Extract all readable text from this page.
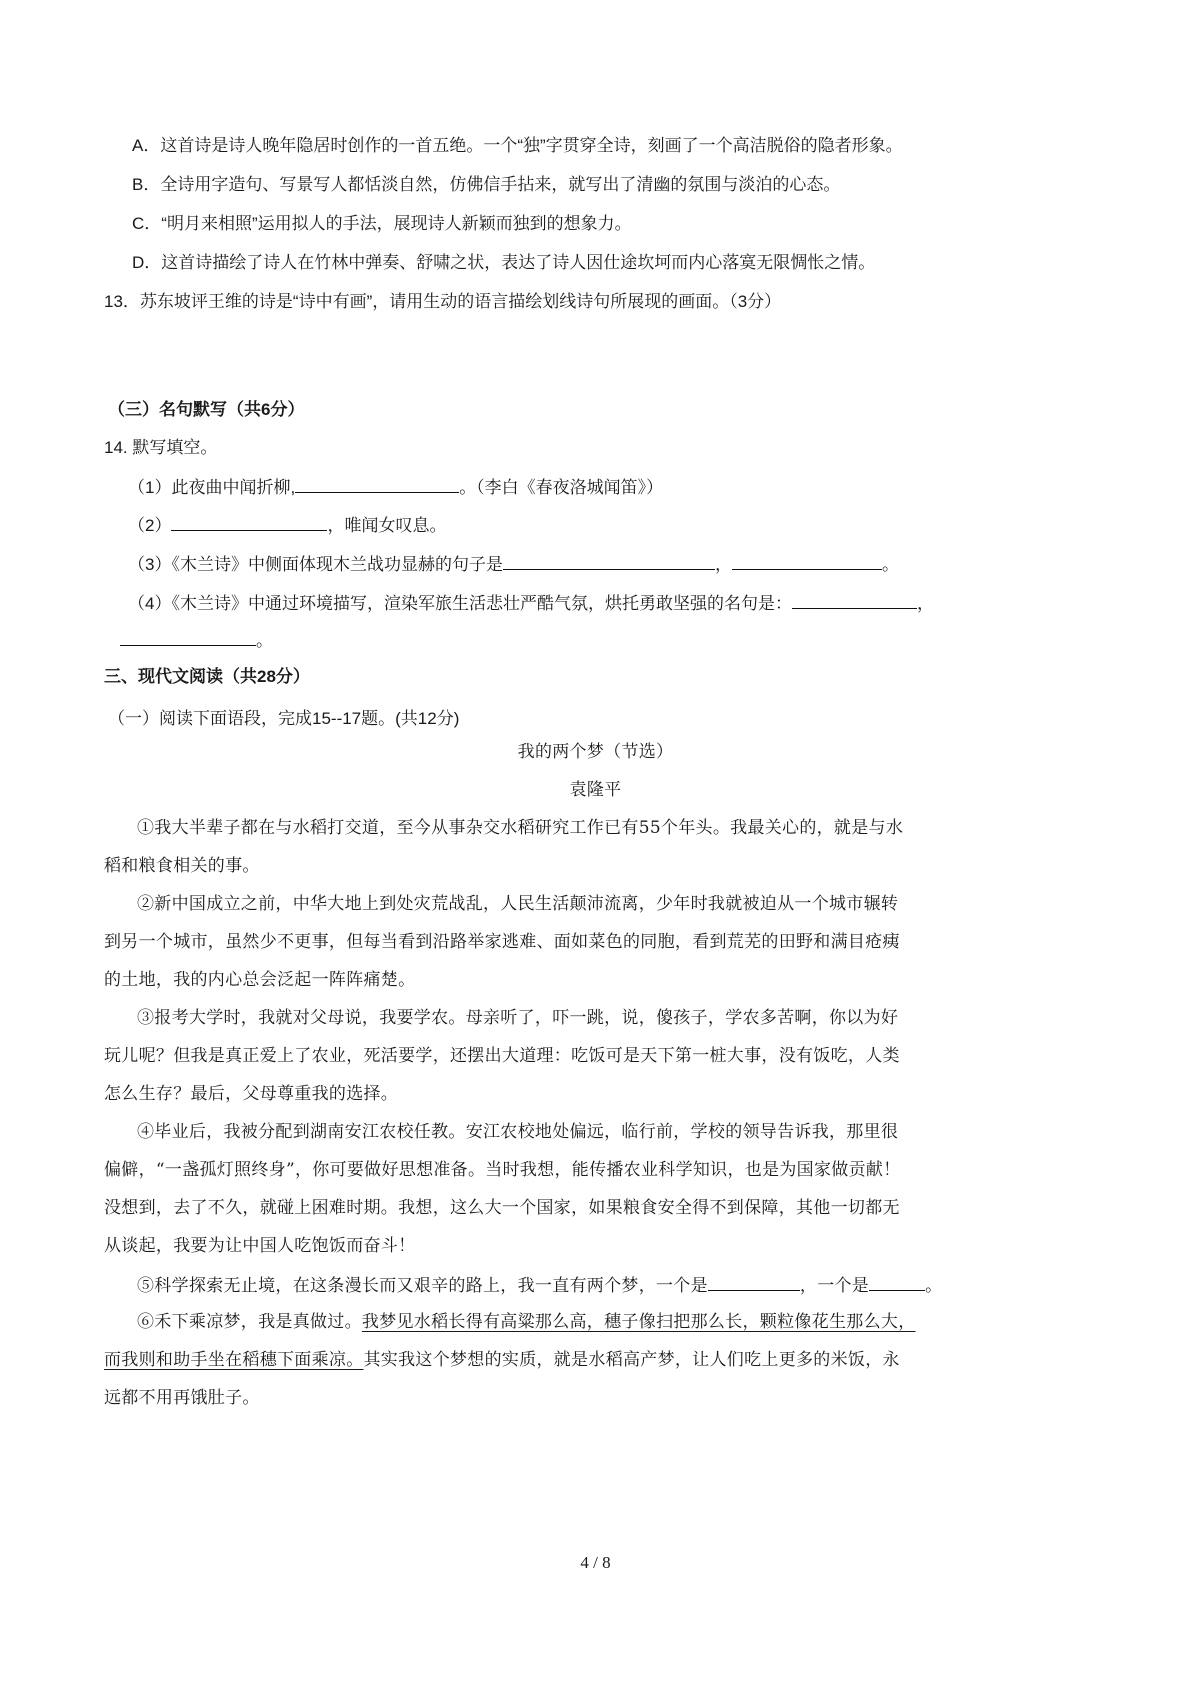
A．这首诗是诗人晚年隐居时创作的一首五绝。一个“独”字贯穿全诗，刻画了一个高洁脱俗的隐者形象。
B．全诗用字造句、写景写人都恬淡自然，仿佛信手拈来，就写出了清幽的氛围与淡泊的心态。
C．“明月来相照”运用拟人的手法，展现诗人新颖而独到的想象力。
D．这首诗描绘了诗人在竹林中弹奏、舒啸之状，表达了诗人因仕途坎坷而内心落寞无限惆怅之情。
13．苏东坡评王维的诗是“诗中有画”，请用生动的语言描绘划线诗句所展现的画面。（3分）
（三）名句默写（共6分）
14. 默写填空。
（1）此夜曲中闻折柳,	。（李白《春夜洛城闻笛》）
（2）	，唯闻女叹息。
（3）《木兰诗》中侧面体现木兰战功显赫的句子是	，	。
（4）《木兰诗》中通过环境描写，渲染军旅生活悲壮严酷气氛，烘托勇敢坚强的名句是：	，
。
三、现代文阅读（共28分）
（一）阅读下面语段，完成15--17题。(共12分)
我的两个梦（节选）
袁隆平
①我大半辈子都在与水稻打交道，至今从事杂交水稻研究工作已有55个年头。我最关心的，就是与水
稻和粮食相关的事。
②新中国成立之前，中华大地上到处灾荒战乱，人民生活颠沛流离，少年时我就被迫从一个城市辗转
到另一个城市，虽然少不更事，但每当看到沿路举家逃难、面如菜色的同胞，看到荒芜的田野和满目疮痍
的土地，我的内心总会泛起一阵阵痛楚。
③报考大学时，我就对父母说，我要学农。母亲听了，吓一跳，说，傻孩子，学农多苦啊，你以为好
玩儿呢？但我是真正爱上了农业，死活要学，还摆出大道理：吃饭可是天下第一桩大事，没有饭吃，人类
怎么生存？最后，父母尊重我的选择。
④毕业后，我被分配到湖南安江农校任教。安江农校地处偏远，临行前，学校的领导告诉我，那里很
偏僻，“一盏孤灯照终身”，你可要做好思想准备。当时我想，能传播农业科学知识，也是为国家做贡献！
没想到，去了不久，就碰上困难时期。我想，这么大一个国家，如果粮食安全得不到保障，其他一切都无
从谈起，我要为让中国人吃饱饭而奋斗！
⑤科学探索无止境，在这条漫长而又艰辛的路上，我一直有两个梦，一个是	，一个是	。
⑥禾下乘凉梦，我是真做过。我梦见水稻长得有高粱那么高，穗子像扫把那么长，颗粒像花生那么大，
而我则和助手坐在稻穗下面乘凉。其实我这个梦想的实质，就是水稻高产梦，让人们吃上更多的米饭，永
远都不用再饿肚子。
4 / 8
